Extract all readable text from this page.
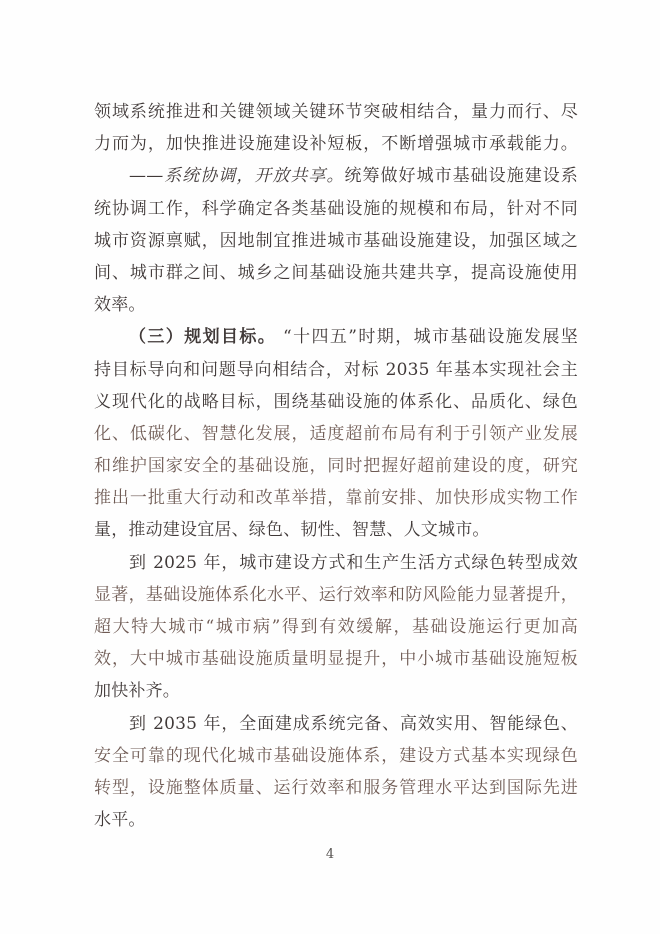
领域系统推进和关键领域关键环节突破相结合，量力而行、尽
力而为，加快推进设施建设补短板，不断增强城市承载能力。
——系统协调，开放共享。统筹做好城市基础设施建设系
统协调工作，科学确定各类基础设施的规模和布局，针对不同
城市资源禀赋，因地制宜推进城市基础设施建设，加强区域之
间、城市群之间、城乡之间基础设施共建共享，提高设施使用
效率。
（三）规划目标。 “十四五”时期，城市基础设施发展坚
持目标导向和问题导向相结合，对标 2035 年基本实现社会主
义现代化的战略目标，围绕基础设施的体系化、品质化、绿色
化、低碳化、智慧化发展，适度超前布局有利于引领产业发展
和维护国家安全的基础设施，同时把握好超前建设的度，研究
推出一批重大行动和改革举措，靠前安排、加快形成实物工作
量，推动建设宜居、绿色、韧性、智慧、人文城市。
到 2025 年，城市建设方式和生产生活方式绿色转型成效
显著，基础设施体系化水平、运行效率和防风险能力显著提升，
超大特大城市“城市病”得到有效缓解，基础设施运行更加高
效，大中城市基础设施质量明显提升，中小城市基础设施短板
加快补齐。
到 2035 年，全面建成系统完备、高效实用、智能绿色、
安全可靠的现代化城市基础设施体系，建设方式基本实现绿色
转型，设施整体质量、运行效率和服务管理水平达到国际先进
水平。
4
